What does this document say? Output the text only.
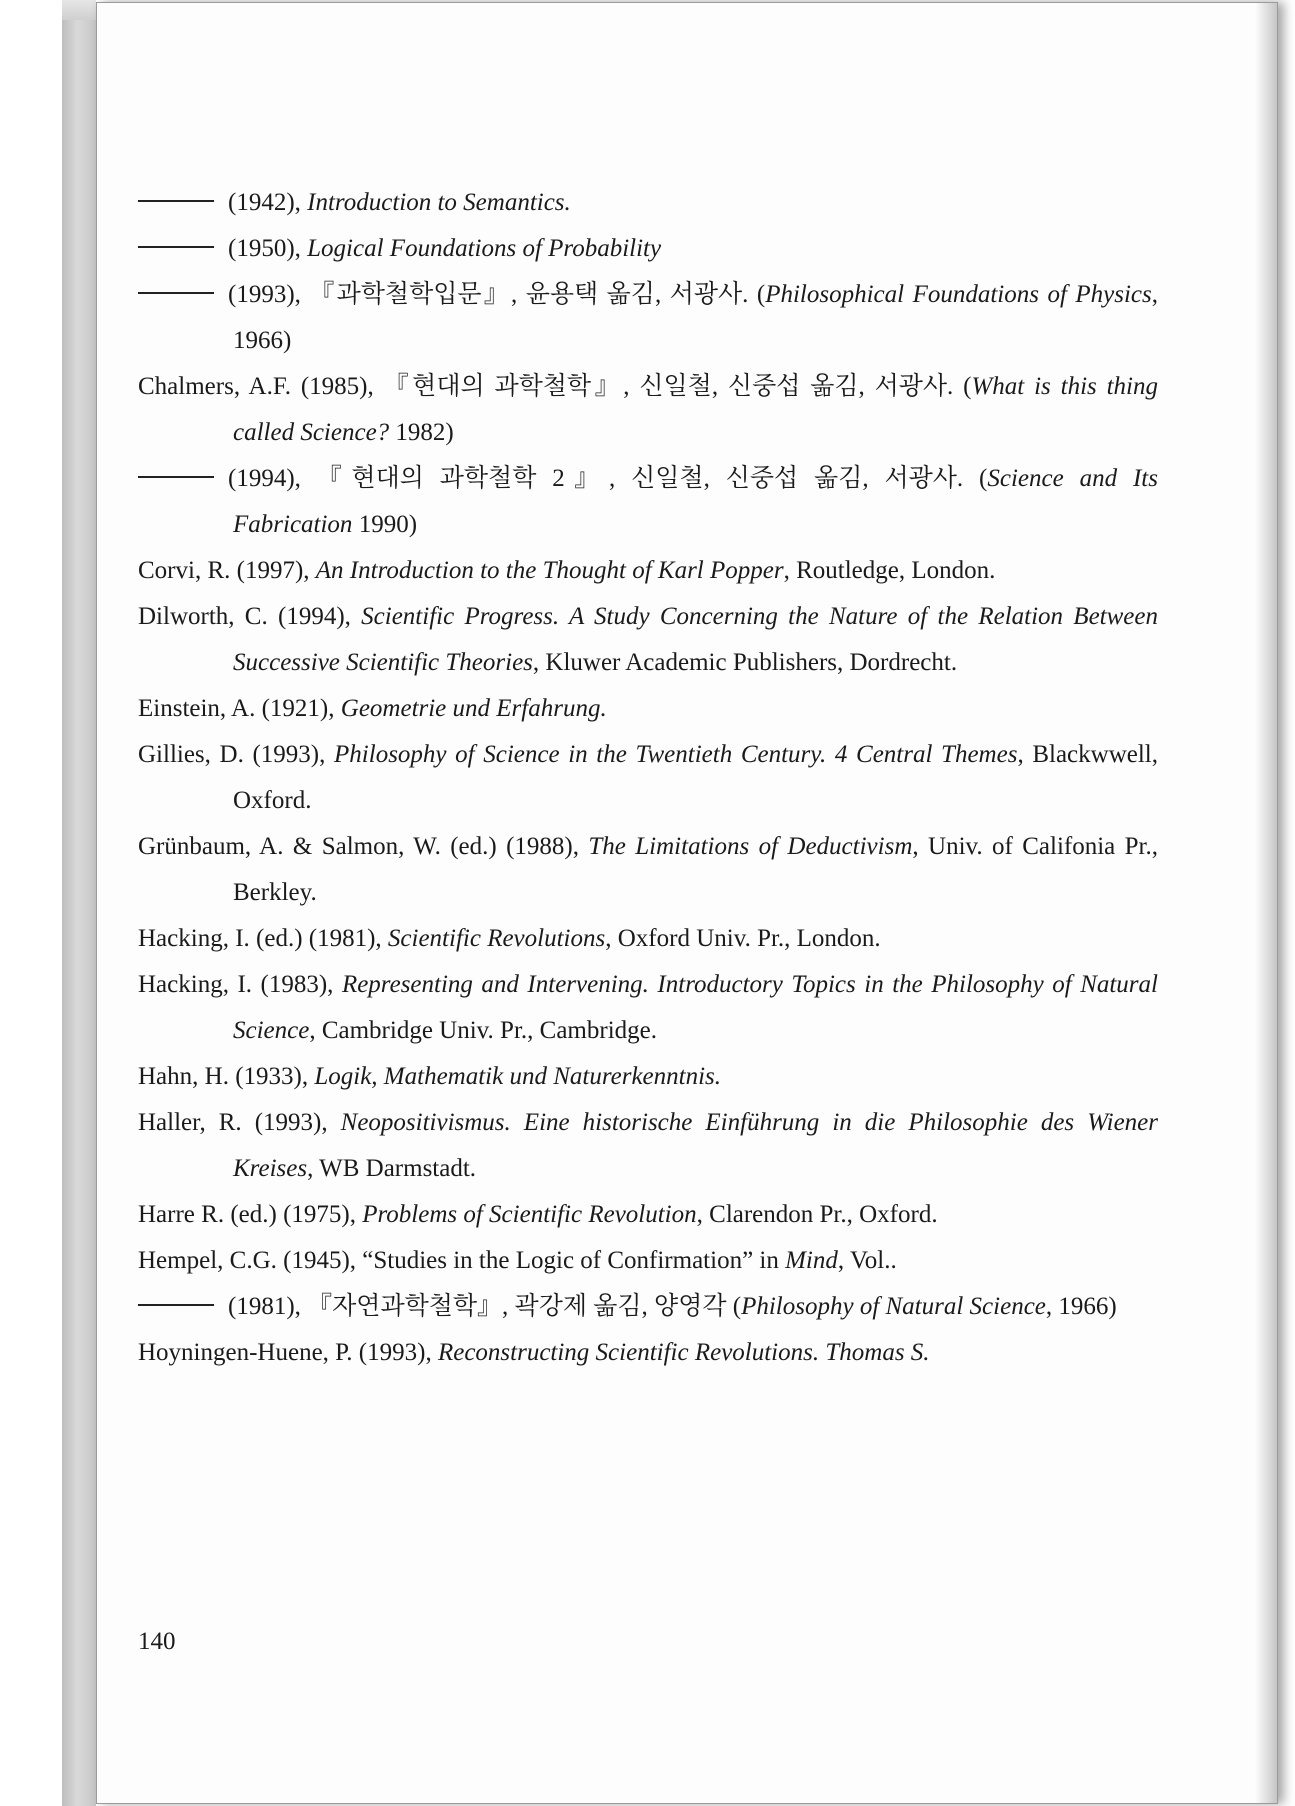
(1942), Introduction to Semantics.
(1950), Logical Foundations of Probability
(1993), 『과학철학입문』, 윤용택 옮김, 서광사. (Philosophical Foundations of Physics, 1966)
Chalmers, A.F. (1985), 『현대의 과학철학』, 신일철, 신중섭 옮김, 서광사. (What is this thing called Science? 1982)
(1994), 『현대의 과학철학 2』, 신일철, 신중섭 옮김, 서광사. (Science and Its Fabrication 1990)
Corvi, R. (1997), An Introduction to the Thought of Karl Popper, Routledge, London.
Dilworth, C. (1994), Scientific Progress. A Study Concerning the Nature of the Relation Between Successive Scientific Theories, Kluwer Academic Publishers, Dordrecht.
Einstein, A. (1921), Geometrie und Erfahrung.
Gillies, D. (1993), Philosophy of Science in the Twentieth Century. 4 Central Themes, Blackwwell, Oxford.
Grünbaum, A. & Salmon, W. (ed.) (1988), The Limitations of Deductivism, Univ. of Califonia Pr., Berkley.
Hacking, I. (ed.) (1981), Scientific Revolutions, Oxford Univ. Pr., London.
Hacking, I. (1983), Representing and Intervening. Introductory Topics in the Philosophy of Natural Science, Cambridge Univ. Pr., Cambridge.
Hahn, H. (1933), Logik, Mathematik und Naturerkenntnis.
Haller, R. (1993), Neopositivismus. Eine historische Einführung in die Philosophie des Wiener Kreises, WB Darmstadt.
Harre R. (ed.) (1975), Problems of Scientific Revolution, Clarendon Pr., Oxford.
Hempel, C.G. (1945), “Studies in the Logic of Confirmation” in Mind, Vol..
(1981), 『자연과학철학』, 곽강제 옮김, 양영각 (Philosophy of Natural Science, 1966)
Hoyningen-Huene, P. (1993), Reconstructing Scientific Revolutions. Thomas S.
140
